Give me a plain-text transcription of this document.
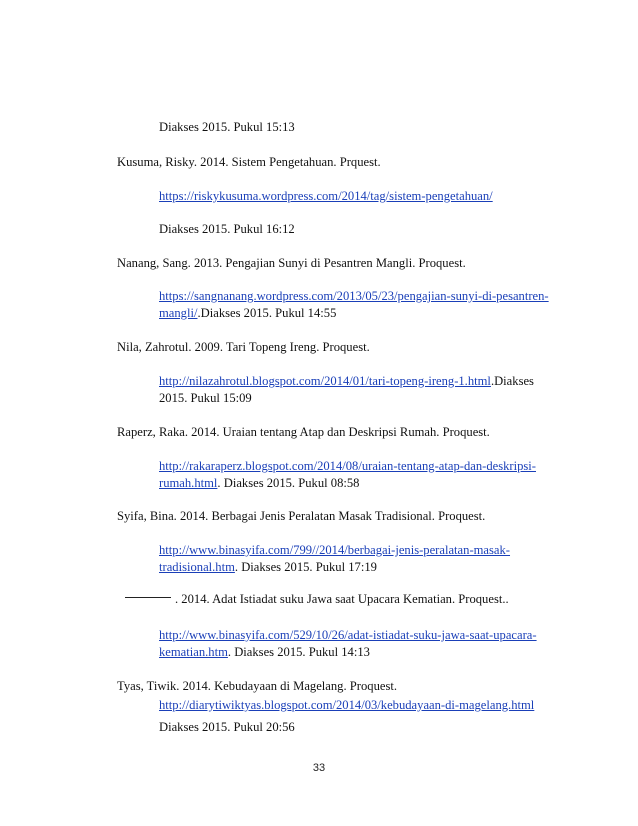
Diakses 2015. Pukul 15:13
Kusuma, Risky. 2014. Sistem Pengetahuan. Prquest.
https://riskykusuma.wordpress.com/2014/tag/sistem-pengetahuan/
Diakses 2015. Pukul 16:12
Nanang, Sang. 2013. Pengajian Sunyi di Pesantren Mangli. Proquest.
https://sangnanang.wordpress.com/2013/05/23/pengajian-sunyi-di-pesantren-
mangli/.Diakses 2015. Pukul 14:55
Nila, Zahrotul. 2009. Tari Topeng Ireng. Proquest.
http://nilazahrotul.blogspot.com/2014/01/tari-topeng-ireng-1.html.Diakses
2015. Pukul 15:09
Raperz, Raka. 2014. Uraian tentang Atap dan Deskripsi Rumah. Proquest.
http://rakaraperz.blogspot.com/2014/08/uraian-tentang-atap-dan-deskripsi-
rumah.html. Diakses 2015. Pukul 08:58
Syifa, Bina. 2014. Berbagai Jenis Peralatan Masak Tradisional. Proquest.
http://www.binasyifa.com/799//2014/berbagai-jenis-peralatan-masak-
tradisional.htm. Diakses 2015. Pukul 17:19
. 2014. Adat Istiadat suku Jawa saat Upacara Kematian. Proquest..
http://www.binasyifa.com/529/10/26/adat-istiadat-suku-jawa-saat-upacara-
kematian.htm. Diakses 2015. Pukul 14:13
Tyas, Tiwik. 2014. Kebudayaan di Magelang. Proquest.
http://diarytiwiktyas.blogspot.com/2014/03/kebudayaan-di-magelang.html
Diakses 2015. Pukul 20:56
33
